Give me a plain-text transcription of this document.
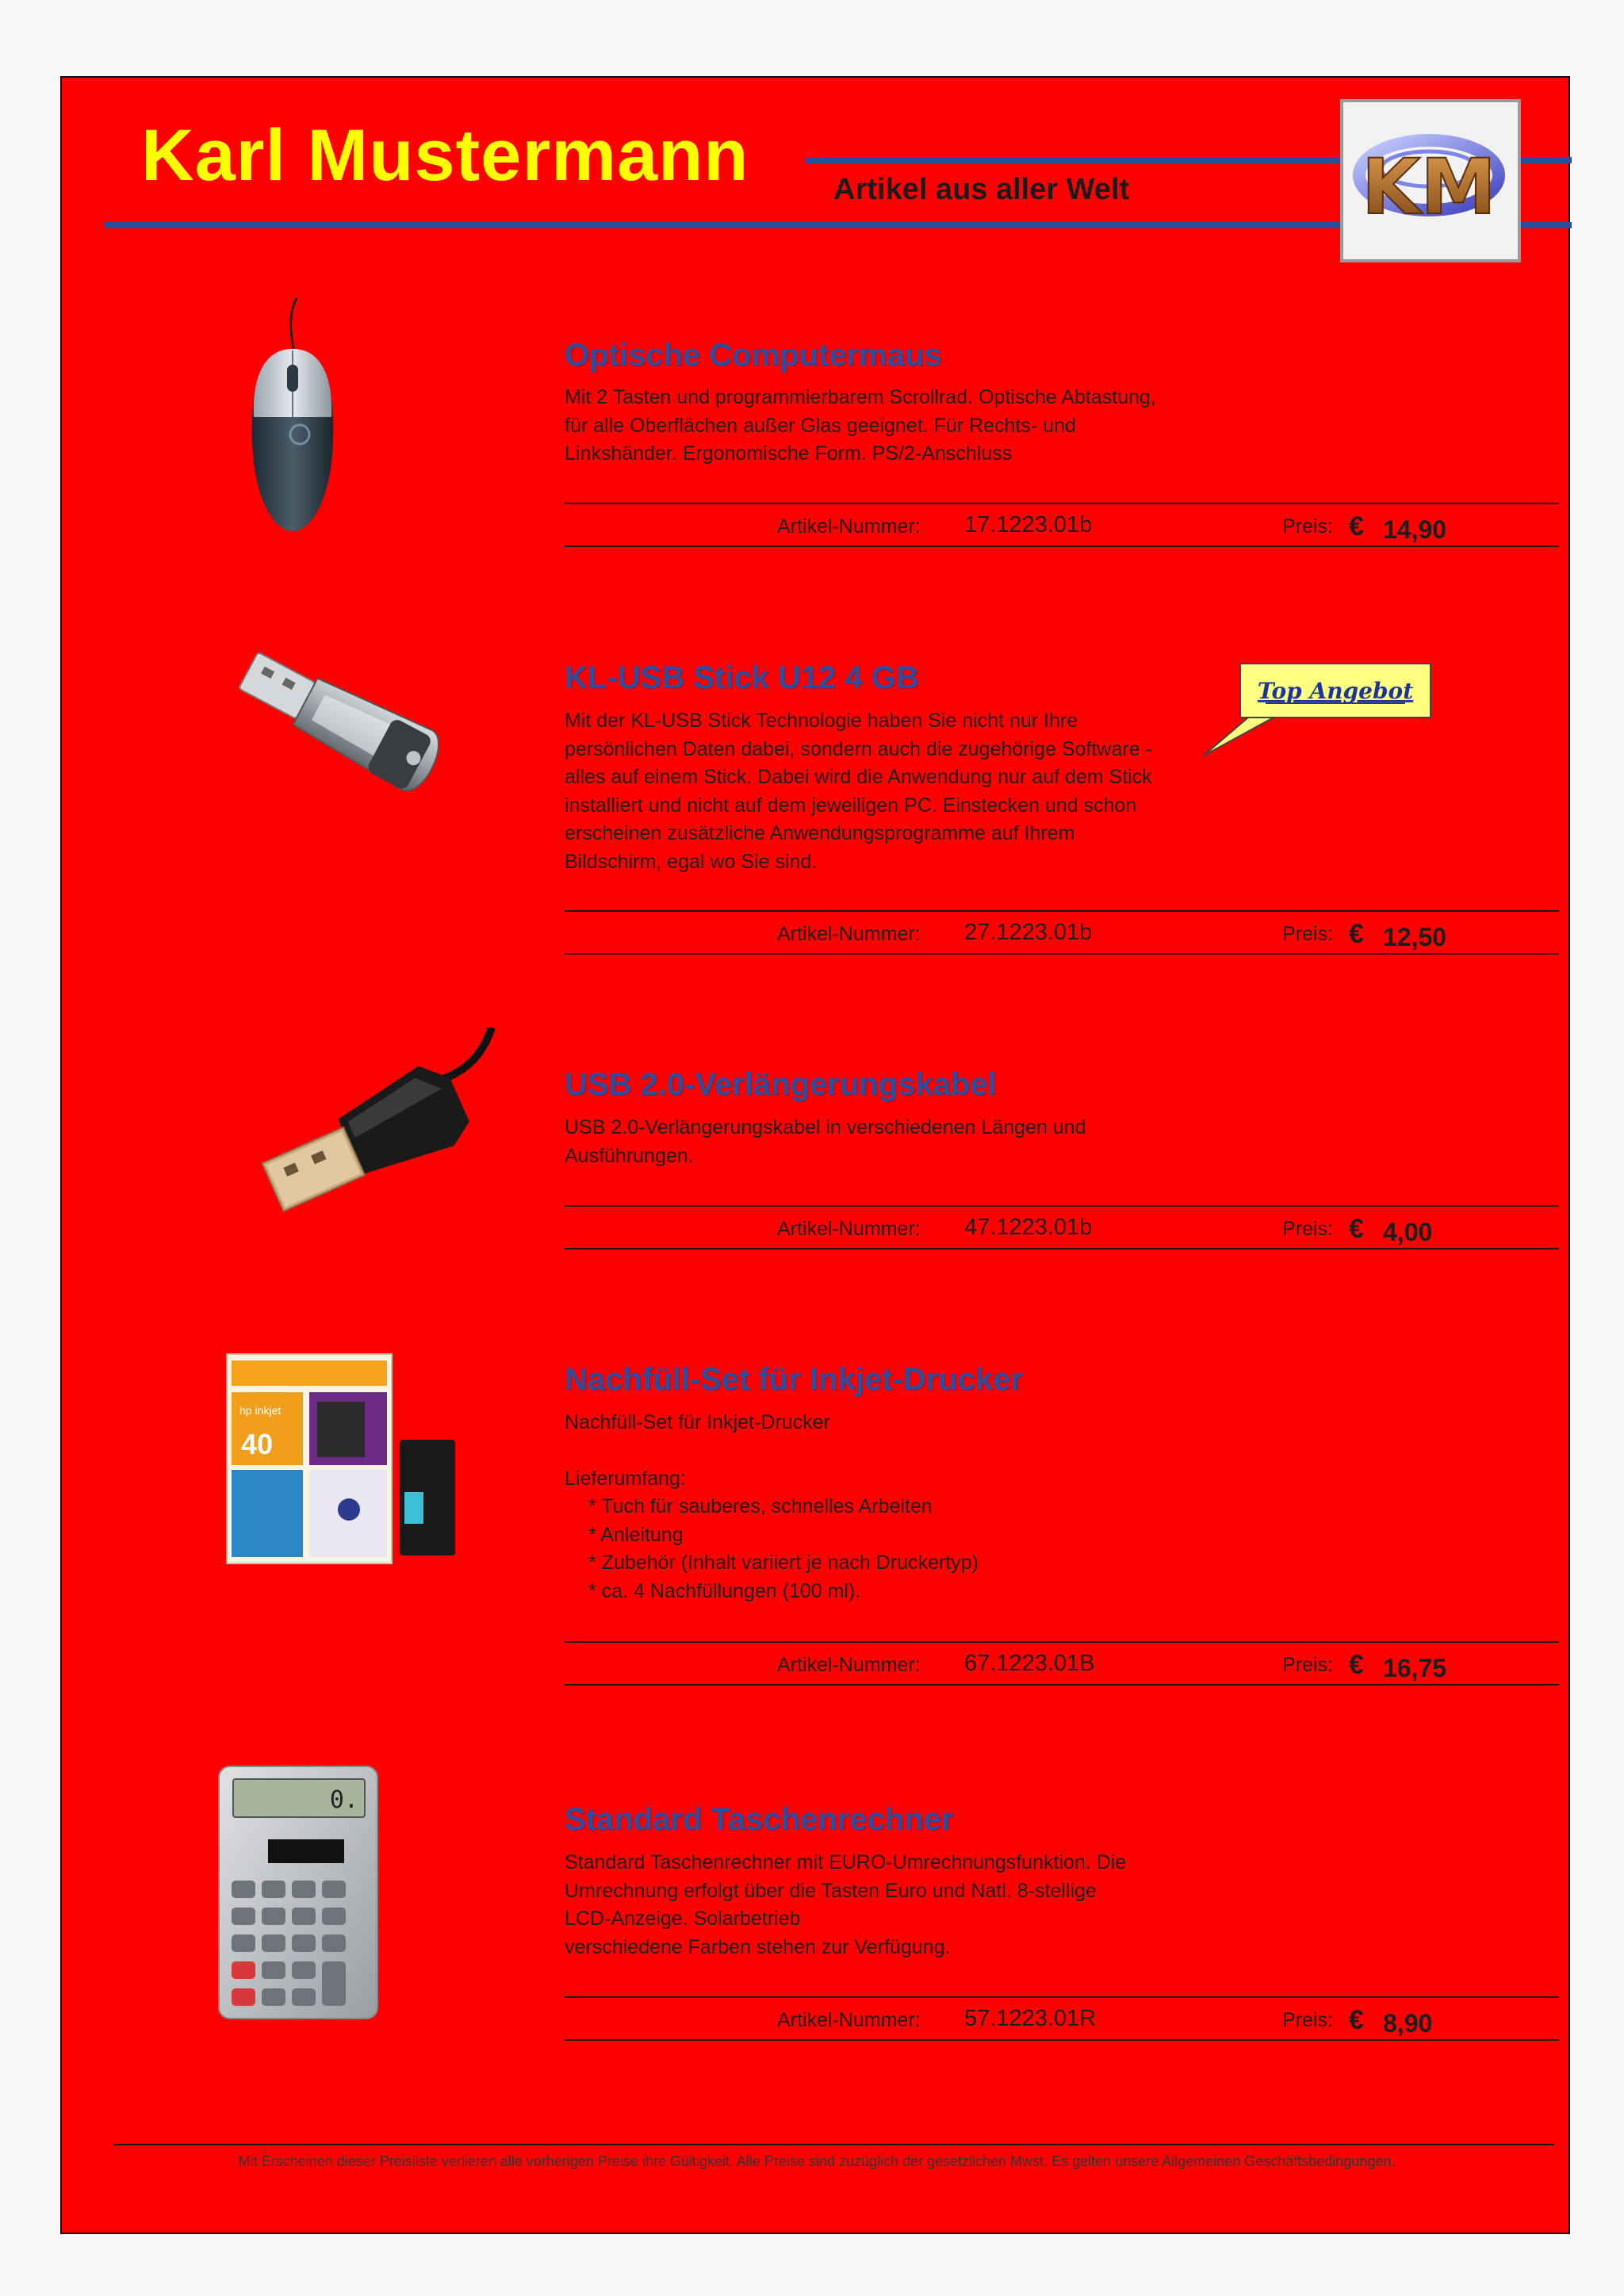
Karl Mustermann	Artikel aus aller Welt	KM
Optische Computermaus
Mit 2 Tasten und programmierbarem Scrollrad. Optische Abtastung,
für alle Oberflächen außer Glas geeignet. Für Rechts- und
Linkshänder. Ergonomische Form. PS/2-Anschluss
Artikel-Nummer: 17.1223.01b	Preis: € 14,90
KL-USB Stick U12 4 GB
Mit der KL-USB Stick Technologie haben Sie nicht nur Ihre
persönlichen Daten dabei, sondern auch die zugehörige Software -
alles auf einem Stick. Dabei wird die Anwendung nur auf dem Stick
installiert und nicht auf dem jeweiligen PC. Einstecken und schon
erscheinen zusätzliche Anwendungsprogramme auf Ihrem
Bildschirm, egal wo Sie sind.
Top Angebot
Artikel-Nummer: 27.1223.01b	Preis: € 12,50
USB 2.0-Verlängerungskabel
USB 2.0-Verlängerungskabel in verschiedenen Längen und
Ausführungen.
Artikel-Nummer: 47.1223.01b	Preis: € 4,00
hp inkjet
40
Nachfüll-Set für Inkjet-Drucker
Nachfüll-Set für Inkjet-Drucker
Lieferumfang:
* Tuch für sauberes, schnelles Arbeiten
* Anleitung
* Zubehör (Inhalt variiert je nach Druckertyp)
* ca. 4 Nachfüllungen (100 ml).
Artikel-Nummer: 67.1223.01B	Preis: € 16,75
0.
Standard Taschenrechner
Standard Taschenrechner mit EURO-Umrechnungsfunktion. Die
Umrechnung erfolgt über die Tasten Euro und Natl. 8-stellige
LCD-Anzeige. Solarbetrieb
verschiedene Farben stehen zur Verfügung.
Artikel-Nummer: 57.1223.01R	Preis: € 8,90
Mit Erscheinen dieser Preisliste verlieren alle vorherigen Preise ihre Gültigkeit. Alle Preise sind zuzüglich der gesetzlichen Mwst. Es gelten unsere Allgemeinen Geschäftsbedingungen.
